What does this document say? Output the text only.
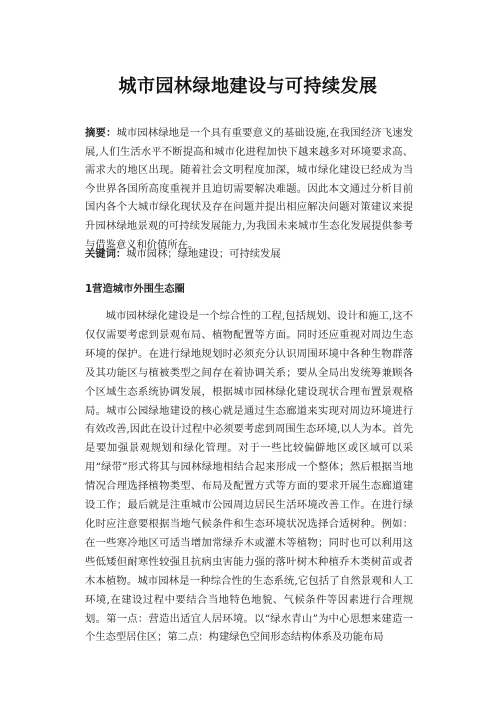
城市园林绿地建设与可持续发展
摘要：城市园林绿地是一个具有重要意义的基础设施,在我国经济飞速发展,人们生活水平不断提高和城市化进程加快下越来越多对环境要求高、需求大的地区出现。随着社会文明程度加深，城市绿化建设已经成为当今世界各国所高度重视并且迫切需要解决难题。因此本文通过分析目前国内各个大城市绿化现状及存在问题并提出相应解决问题对策建议来提升园林绿地景观的可持续发展能力,为我国未来城市生态化发展提供参考与借鉴意义和价值所在。
关键词：城市园林；绿地建设；可持续发展
1营造城市外围生态圈

城市园林绿化建设是一个综合性的工程,包括规划、设计和施工,这不仅仅需要考虑到景观布局、植物配置等方面。同时还应重视对周边生态环境的保护。在进行绿地规划时必须充分认识周围环境中各种生物群落及其功能区与植被类型之间存在着协调关系；要从全局出发统筹兼顾各个区域生态系统协调发展，根据城市园林绿化建设现状合理布置景观格局。城市公园绿地建设的核心就是通过生态廊道来实现对周边环境进行有效改善,因此在设计过程中必须要考虑到周围生态环境,以人为本。首先是要加强景观规划和绿化管理。对于一些比较偏僻地区或区域可以采用“绿带”形式将其与园林绿地相结合起来形成一个整体；然后根据当地情况合理选择植物类型、布局及配置方式等方面的要求开展生态廊道建设工作；最后就是注重城市公园周边居民生活环境改善工作。在进行绿化时应注意要根据当地气候条件和生态环境状况选择合适树种。例如：在一些寒冷地区可适当增加常绿乔木或灌木等植物；同时也可以利用这些低矮但耐寒性较强且抗病虫害能力强的落叶树木种植乔木类树苗或者木本植物。城市园林是一种综合性的生态系统,它包括了自然景观和人工环境,在建设过程中要结合当地特色地貌、气候条件等因素进行合理规划。第一点：营造出适宜人居环境。以“绿水青山”为中心思想来建造一个生态型居住区；第二点：构建绿色空间形态结构体系及功能布局
